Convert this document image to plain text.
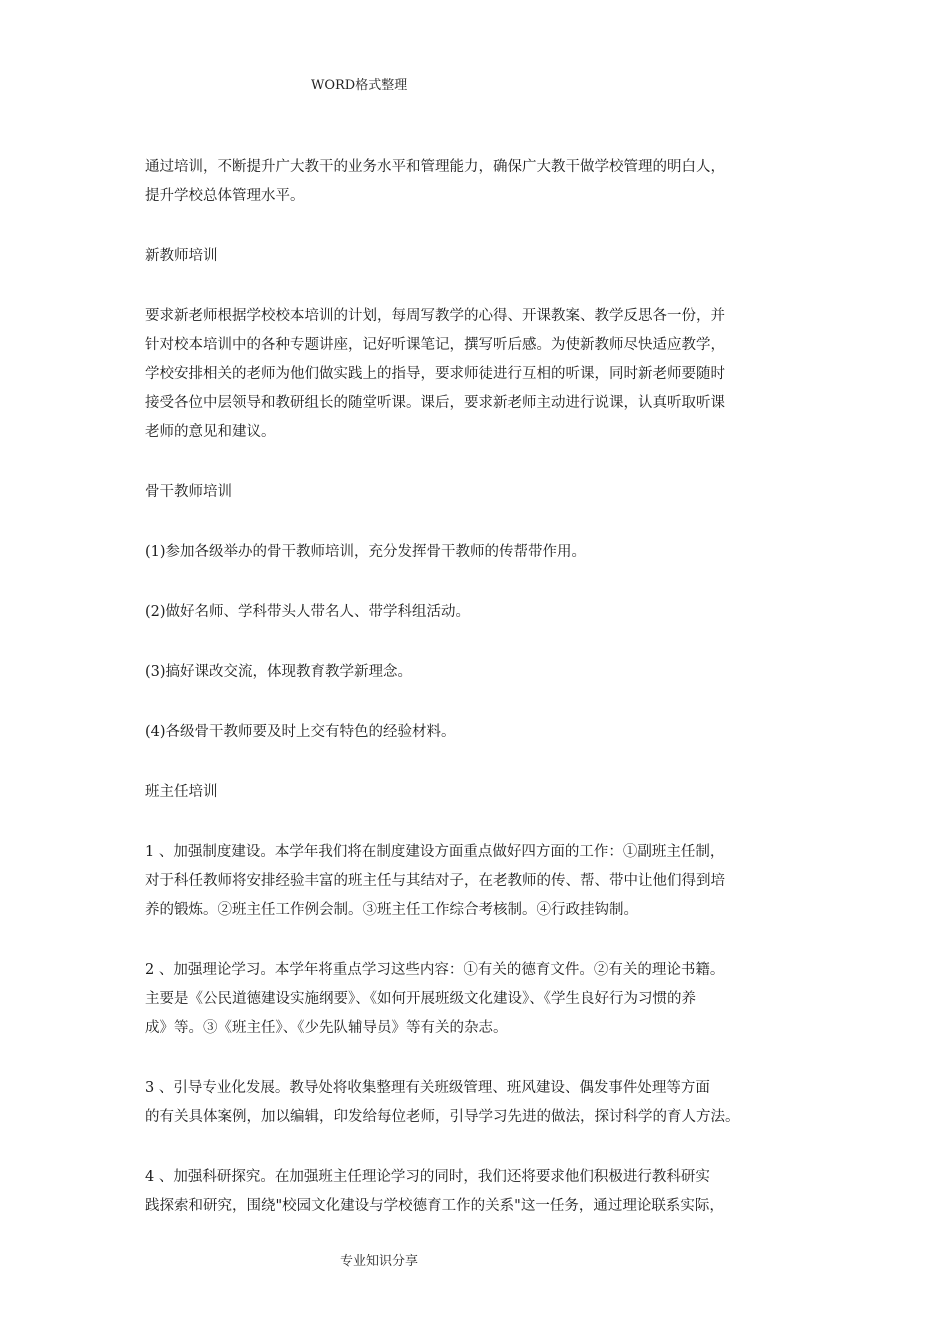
WORD格式整理
通过培训，不断提升广大教干的业务水平和管理能力，确保广大教干做学校管理的明白人，
提升学校总体管理水平。
新教师培训
要求新老师根据学校校本培训的计划，每周写教学的心得、开课教案、教学反思各一份，并
针对校本培训中的各种专题讲座，记好听课笔记，撰写听后感。为使新教师尽快适应教学，
学校安排相关的老师为他们做实践上的指导，要求师徒进行互相的听课，同时新老师要随时
接受各位中层领导和教研组长的随堂听课。课后，要求新老师主动进行说课，认真听取听课
老师的意见和建议。
骨干教师培训
(1)参加各级举办的骨干教师培训，充分发挥骨干教师的传帮带作用。
(2)做好名师、学科带头人带名人、带学科组活动。
(3)搞好课改交流，体现教育教学新理念。
(4)各级骨干教师要及时上交有特色的经验材料。
班主任培训
1 、加强制度建设。本学年我们将在制度建设方面重点做好四方面的工作：①副班主任制，
对于科任教师将安排经验丰富的班主任与其结对子，在老教师的传、帮、带中让他们得到培
养的锻炼。②班主任工作例会制。③班主任工作综合考核制。④行政挂钩制。
2 、加强理论学习。本学年将重点学习这些内容：①有关的德育文件。②有关的理论书籍。
主要是《公民道德建设实施纲要》、《如何开展班级文化建设》、《学生良好行为习惯的养
成》等。③《班主任》、《少先队辅导员》等有关的杂志。
3 、引导专业化发展。教导处将收集整理有关班级管理、班风建设、偶发事件处理等方面
的有关具体案例，加以编辑，印发给每位老师，引导学习先进的做法，探讨科学的育人方法。
4 、加强科研探究。在加强班主任理论学习的同时，我们还将要求他们积极进行教科研实
践探索和研究，围绕"校园文化建设与学校德育工作的关系"这一任务，通过理论联系实际，
专业知识分享
